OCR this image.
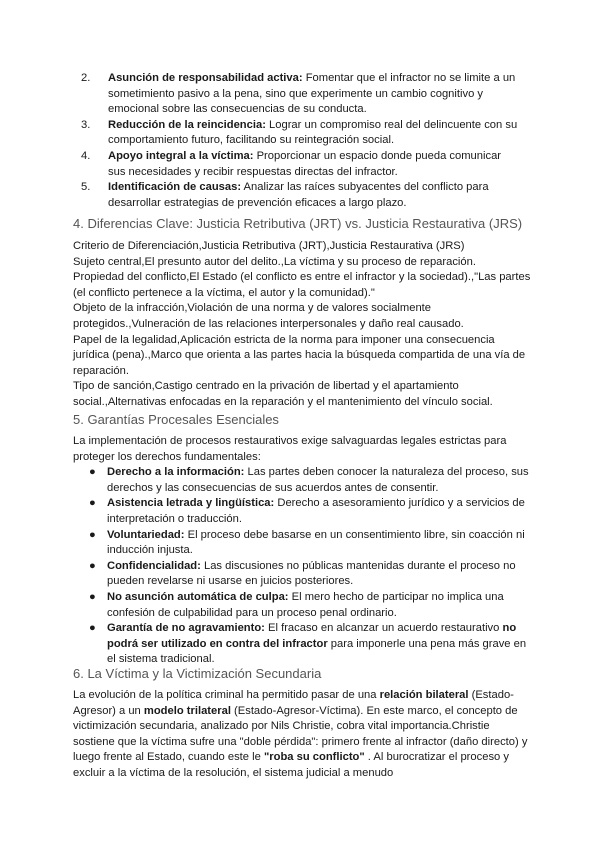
2. Asunción de responsabilidad activa: Fomentar que el infractor no se limite a un sometimiento pasivo a la pena, sino que experimente un cambio cognitivo y emocional sobre las consecuencias de su conducta.
3. Reducción de la reincidencia: Lograr un compromiso real del delincuente con su comportamiento futuro, facilitando su reintegración social.
4. Apoyo integral a la víctima: Proporcionar un espacio donde pueda comunicar sus necesidades y recibir respuestas directas del infractor.
5. Identificación de causas: Analizar las raíces subyacentes del conflicto para desarrollar estrategias de prevención eficaces a largo plazo.
4. Diferencias Clave: Justicia Retributiva (JRT) vs. Justicia Restaurativa (JRS)

Criterio de Diferenciación,Justicia Retributiva (JRT),Justicia Restaurativa (JRS)

Sujeto central,El presunto autor del delito.,La víctima y su proceso de reparación.

Propiedad del conflicto,El Estado (el conflicto es entre el infractor y la sociedad).,"Las partes (el conflicto pertenece a la víctima, el autor y la comunidad)."

Objeto de la infracción,Violación de una norma y de valores socialmente protegidos.,Vulneración de las relaciones interpersonales y daño real causado.

Papel de la legalidad,Aplicación estricta de la norma para imponer una consecuencia jurídica (pena).,Marco que orienta a las partes hacia la búsqueda compartida de una vía de reparación.

Tipo de sanción,Castigo centrado en la privación de libertad y el apartamiento social.,Alternativas enfocadas en la reparación y el mantenimiento del vínculo social.

5. Garantías Procesales Esenciales

La implementación de procesos restaurativos exige salvaguardas legales estrictas para proteger los derechos fundamentales:

● Derecho a la información: Las partes deben conocer la naturaleza del proceso, sus derechos y las consecuencias de sus acuerdos antes de consentir.
● Asistencia letrada y lingüística: Derecho a asesoramiento jurídico y a servicios de interpretación o traducción.
● Voluntariedad: El proceso debe basarse en un consentimiento libre, sin coacción ni inducción injusta.
● Confidencialidad: Las discusiones no públicas mantenidas durante el proceso no pueden revelarse ni usarse en juicios posteriores.
● No asunción automática de culpa: El mero hecho de participar no implica una confesión de culpabilidad para un proceso penal ordinario.
● Garantía de no agravamiento: El fracaso en alcanzar un acuerdo restaurativo no podrá ser utilizado en contra del infractor para imponerle una pena más grave en el sistema tradicional.
6. La Víctima y la Victimización Secundaria

La evolución de la política criminal ha permitido pasar de una relación bilateral (Estado-Agresor) a un modelo trilateral (Estado-Agresor-Víctima). En este marco, el concepto de victimización secundaria, analizado por Nils Christie, cobra vital importancia.Christie sostiene que la víctima sufre una "doble pérdida": primero frente al infractor (daño directo) y luego frente al Estado, cuando este le "roba su conflicto" . Al burocratizar el proceso y excluir a la víctima de la resolución, el sistema judicial a menudo
